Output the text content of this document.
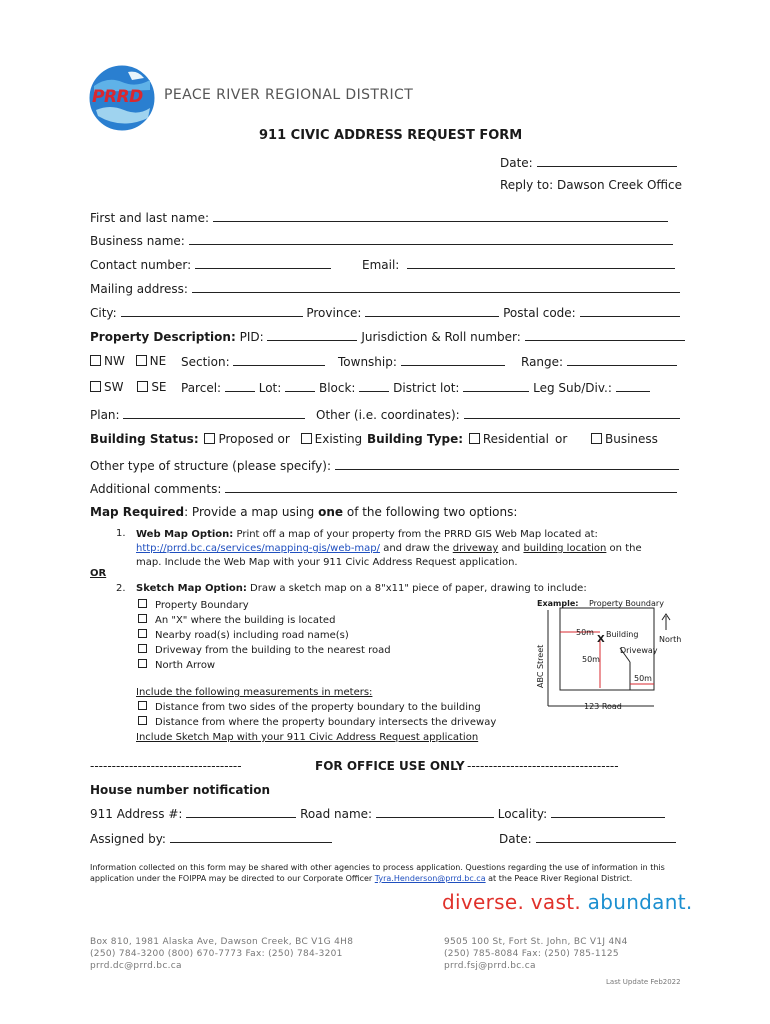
PRRD PEACE RIVER REGIONAL DISTRICT
911 CIVIC ADDRESS REQUEST FORM
Date:
Reply to: Dawson Creek Office
First and last name:
Business name:
Contact number:	Email:
Mailing address:
City:	Province:	Postal code:
Property Description: PID:	Jurisdiction & Roll number:
NW NE Section:	Township:	Range:
SW SE Parcel:	Lot:	Block:	District lot:	Leg Sub/Div.:
Plan:	Other (i.e. coordinates):
Building Status: Proposed or Existing Building Type: Residential or	Business
Other type of structure (please specify):
Additional comments:
Map Required: Provide a map using one of the following two options:
1. Web Map Option: Print off a map of your property from the PRRD GIS Web Map located at:
http://prrd.bc.ca/services/mapping-gis/web-map/ and draw the driveway and building location on the
map. Include the Web Map with your 911 Civic Address Request application.
OR
2. Sketch Map Option: Draw a sketch map on a 8"x11" piece of paper, drawing to include:
Property Boundary
An "X" where the building is located
Nearby road(s) including road name(s)
Driveway from the building to the nearest road
North Arrow
Include the following measurements in meters:
Distance from two sides of the property boundary to the building
Distance from where the property boundary intersects the driveway
Include Sketch Map with your 911 Civic Address Request application
Example: Property Boundary
North
ABC Street
123 Road
Building
Driveway
50m
50m
50m
X
-----------------------------------	FOR OFFICE USE ONLY -----------------------------------
House number notification
911 Address #:	Road name:	Locality:
Assigned by:	Date:
Information collected on this form may be shared with other agencies to process application. Questions regarding the use of information in this
application under the FOIPPA may be directed to our Corporate Officer Tyra.Henderson@prrd.bc.ca at the Peace River Regional District.
diverse. vast. abundant.
Box 810, 1981 Alaska Ave, Dawson Creek, BC V1G 4H8
(250) 784-3200 (800) 670-7773 Fax: (250) 784-3201
prrd.dc@prrd.bc.ca
9505 100 St, Fort St. John, BC V1J 4N4
(250) 785-8084 Fax: (250) 785-1125
prrd.fsj@prrd.bc.ca
Last Update Feb2022
